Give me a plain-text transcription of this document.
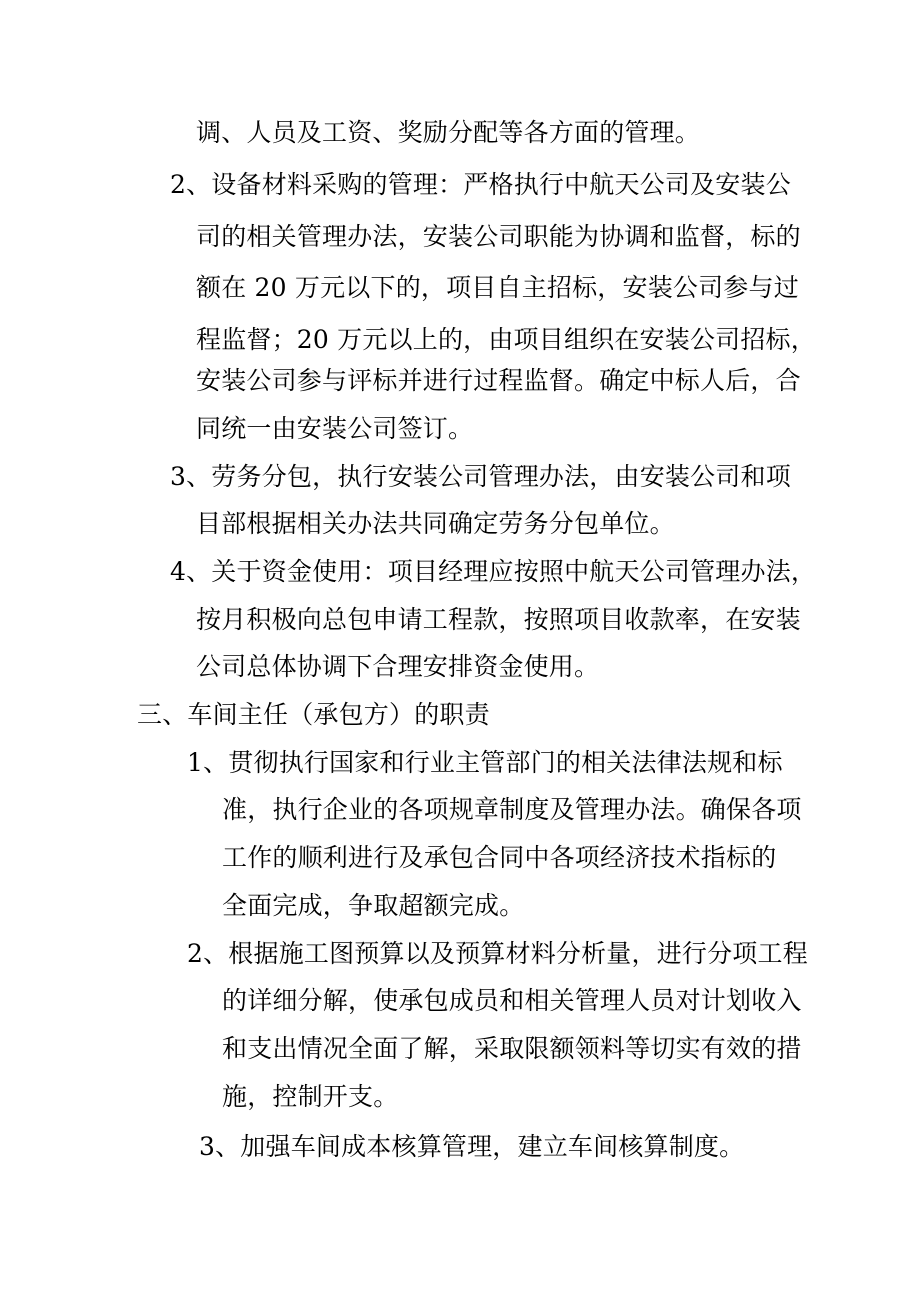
调、人员及工资、奖励分配等各方面的管理。
2、设备材料采购的管理：严格执行中航天公司及安装公
司的相关管理办法，安装公司职能为协调和监督，标的
额在 20 万元以下的，项目自主招标，安装公司参与过
程监督；20 万元以上的，由项目组织在安装公司招标，
安装公司参与评标并进行过程监督。确定中标人后，合
同统一由安装公司签订。
3、劳务分包，执行安装公司管理办法，由安装公司和项
目部根据相关办法共同确定劳务分包单位。
4、关于资金使用：项目经理应按照中航天公司管理办法，
按月积极向总包申请工程款，按照项目收款率，在安装
公司总体协调下合理安排资金使用。
三、车间主任（承包方）的职责
1、贯彻执行国家和行业主管部门的相关法律法规和标
准，执行企业的各项规章制度及管理办法。确保各项
工作的顺利进行及承包合同中各项经济技术指标的
全面完成，争取超额完成。
2、根据施工图预算以及预算材料分析量，进行分项工程
的详细分解，使承包成员和相关管理人员对计划收入
和支出情况全面了解，采取限额领料等切实有效的措
施，控制开支。
3、加强车间成本核算管理，建立车间核算制度。
